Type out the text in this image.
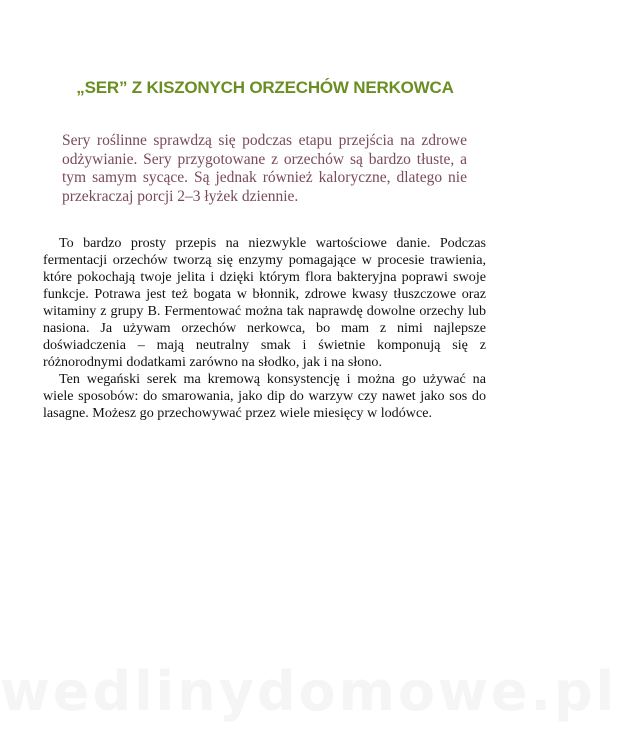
„SER” Z KISZONYCH ORZECHÓW NERKOWCA
Sery roślinne sprawdzą się podczas etapu przejścia na zdrowe odżywianie. Sery przygotowane z orzechów są bardzo tłuste, a tym samym sycące. Są jednak również kaloryczne, dlatego nie przekraczaj porcji 2–3 łyżek dziennie.

To bardzo prosty przepis na niezwykle wartościowe danie. Podczas fermentacji orzechów tworzą się enzymy pomagające w procesie trawienia, które pokochają twoje jelita i dzięki którym flora bakteryjna poprawi swoje funkcje. Potrawa jest też bogata w błonnik, zdrowe kwasy tłuszczowe oraz witaminy z grupy B. Fermentować można tak naprawdę dowolne orzechy lub nasiona. Ja używam orzechów nerkowca, bo mam z nimi najlepsze doświadczenia – mają neutralny smak i świetnie komponują się z różnorodnymi dodatkami zarówno na słodko, jak i na słono.

Ten wegański serek ma kremową konsystencję i można go używać na wiele sposobów: do smarowania, jako dip do warzyw czy nawet jako sos do lasagne. Możesz go przechowywać przez wiele miesięcy w lodówce.

wedlinydomowe.pl
